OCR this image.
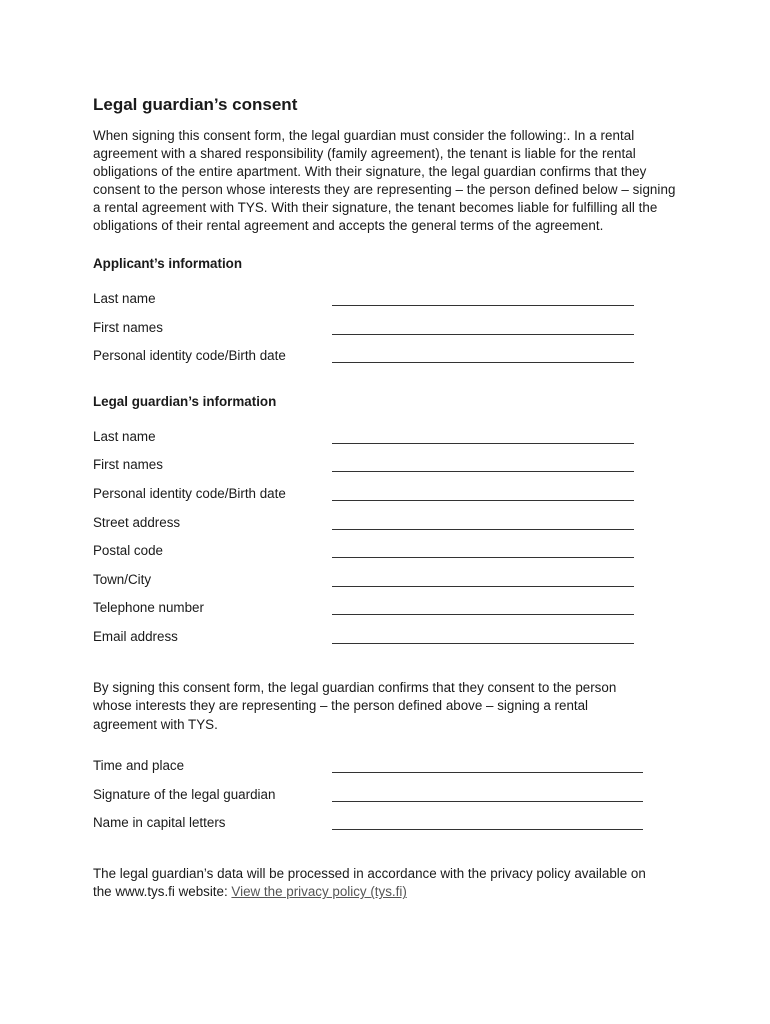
Legal guardian’s consent

When signing this consent form, the legal guardian must consider the following:. In a rental agreement with a shared responsibility (family agreement), the tenant is liable for the rental obligations of the entire apartment. With their signature, the legal guardian confirms that they consent to the person whose interests they are representing – the person defined below – signing a rental agreement with TYS. With their signature, the tenant becomes liable for fulfilling all the obligations of their rental agreement and accepts the general terms of the agreement.

Applicant’s information
Last name
First names
Personal identity code/Birth date
Legal guardian’s information
Last name
First names
Personal identity code/Birth date
Street address
Postal code
Town/City
Telephone number
Email address

By signing this consent form, the legal guardian confirms that they consent to the person whose interests they are representing – the person defined above – signing a rental agreement with TYS.

Time and place
Signature of the legal guardian
Name in capital letters

The legal guardian’s data will be processed in accordance with the privacy policy available on the www.tys.fi website: View the privacy policy (tys.fi)
